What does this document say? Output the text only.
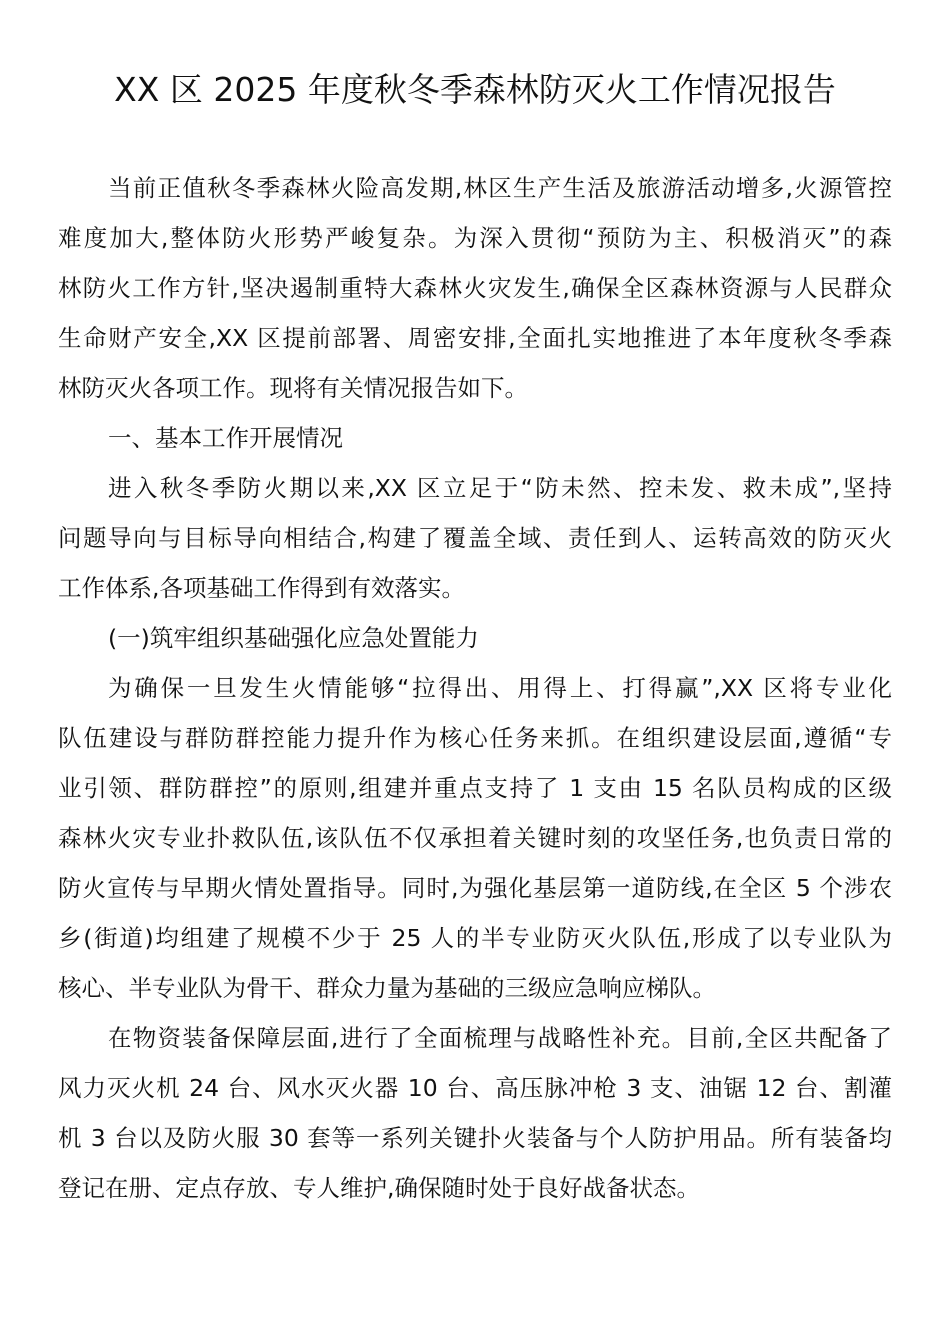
XX 区 2025 年度秋冬季森林防灭火工作情况报告
当前正值秋冬季森林火险高发期,林区生产生活及旅游活动增多,火源管控
难度加大,整体防火形势严峻复杂。为深入贯彻“预防为主、积极消灭”的森
林防火工作方针,坚决遏制重特大森林火灾发生,确保全区森林资源与人民群众
生命财产安全,XX 区提前部署、周密安排,全面扎实地推进了本年度秋冬季森
林防灭火各项工作。现将有关情况报告如下。
一、基本工作开展情况
进入秋冬季防火期以来,XX 区立足于“防未然、控未发、救未成”,坚持
问题导向与目标导向相结合,构建了覆盖全域、责任到人、运转高效的防灭火
工作体系,各项基础工作得到有效落实。
(一)筑牢组织基础强化应急处置能力
为确保一旦发生火情能够“拉得出、用得上、打得赢”,XX 区将专业化
队伍建设与群防群控能力提升作为核心任务来抓。在组织建设层面,遵循“专
业引领、群防群控”的原则,组建并重点支持了 1 支由 15 名队员构成的区级
森林火灾专业扑救队伍,该队伍不仅承担着关键时刻的攻坚任务,也负责日常的
防火宣传与早期火情处置指导。同时,为强化基层第一道防线,在全区 5 个涉农
乡(街道)均组建了规模不少于 25 人的半专业防灭火队伍,形成了以专业队为
核心、半专业队为骨干、群众力量为基础的三级应急响应梯队。
在物资装备保障层面,进行了全面梳理与战略性补充。目前,全区共配备了
风力灭火机 24 台、风水灭火器 10 台、高压脉冲枪 3 支、油锯 12 台、割灌
机 3 台以及防火服 30 套等一系列关键扑火装备与个人防护用品。所有装备均
登记在册、定点存放、专人维护,确保随时处于良好战备状态。
